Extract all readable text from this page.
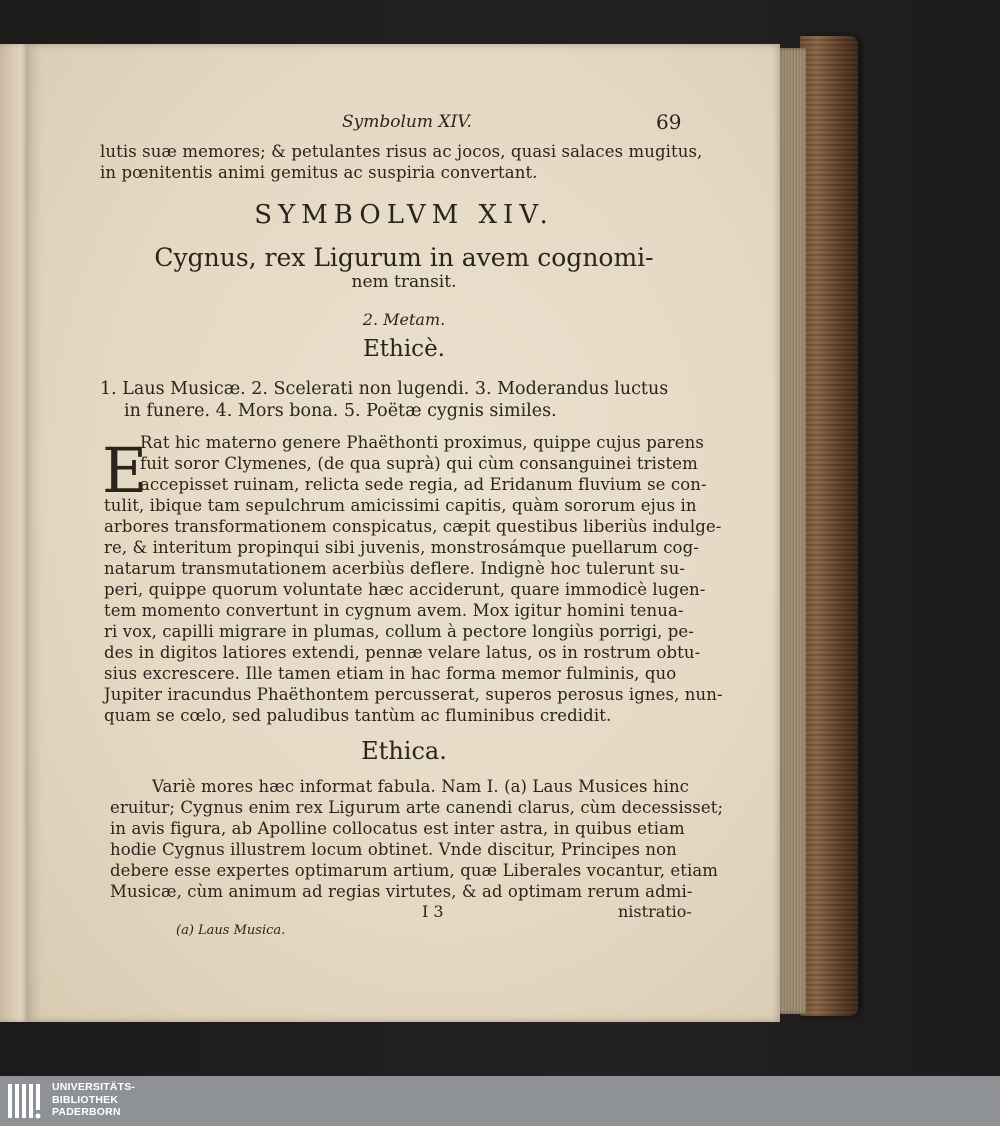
Symbolum XIV.	69
lutis suæ memores; & petulantes risus ac jocos, quasi salaces mugitus,
in pœnitentis animi gemitus ac suspiria convertant.
SYMBOLVM XIV.
Cygnus, rex Ligurum in avem cognomi-
nem transit.
2. Metam.
Ethicè.
1. Laus Musicæ. 2. Scelerati non lugendi. 3. Moderandus luctus
in funere. 4. Mors bona. 5. Poëtæ cygnis similes.
E
Rat hic materno genere Phaëthonti proximus, quippe cujus parens
fuit soror Clymenes, (de qua suprà) qui cùm consanguinei tristem
accepisset ruinam, relicta sede regia, ad Eridanum fluvium se con-
tulit, ibique tam sepulchrum amicissimi capitis, quàm sororum ejus in
arbores transformationem conspicatus, cæpit questibus liberiùs indulge-
re, & interitum propinqui sibi juvenis, monstrosámque puellarum cog-
natarum transmutationem acerbiùs deflere. Indignè hoc tulerunt su-
peri, quippe quorum voluntate hæc acciderunt, quare immodicè lugen-
tem momento convertunt in cygnum avem. Mox igitur homini tenua-
ri vox, capilli migrare in plumas, collum à pectore longiùs porrigi, pe-
des in digitos latiores extendi, pennæ velare latus, os in rostrum obtu-
sius excrescere. Ille tamen etiam in hac forma memor fulminis, quo
Jupiter iracundus Phaëthontem percusserat, superos perosus ignes, nun-
quam se cœlo, sed paludibus tantùm ac fluminibus credidit.
Ethica.
Variè mores hæc informat fabula. Nam I. (a) Laus Musices hinc
eruitur; Cygnus enim rex Ligurum arte canendi clarus, cùm decessisset;
in avis figura, ab Apolline collocatus est inter astra, in quibus etiam
hodie Cygnus illustrem locum obtinet. Vnde discitur, Principes non
debere esse expertes optimarum artium, quæ Liberales vocantur, etiam
Musicæ, cùm animum ad regias virtutes, & ad optimam rerum admi-
I 3	nistratio-
(a) Laus Musica.
UNIVERSITÄTS-
BIBLIOTHEK
PADERBORN
